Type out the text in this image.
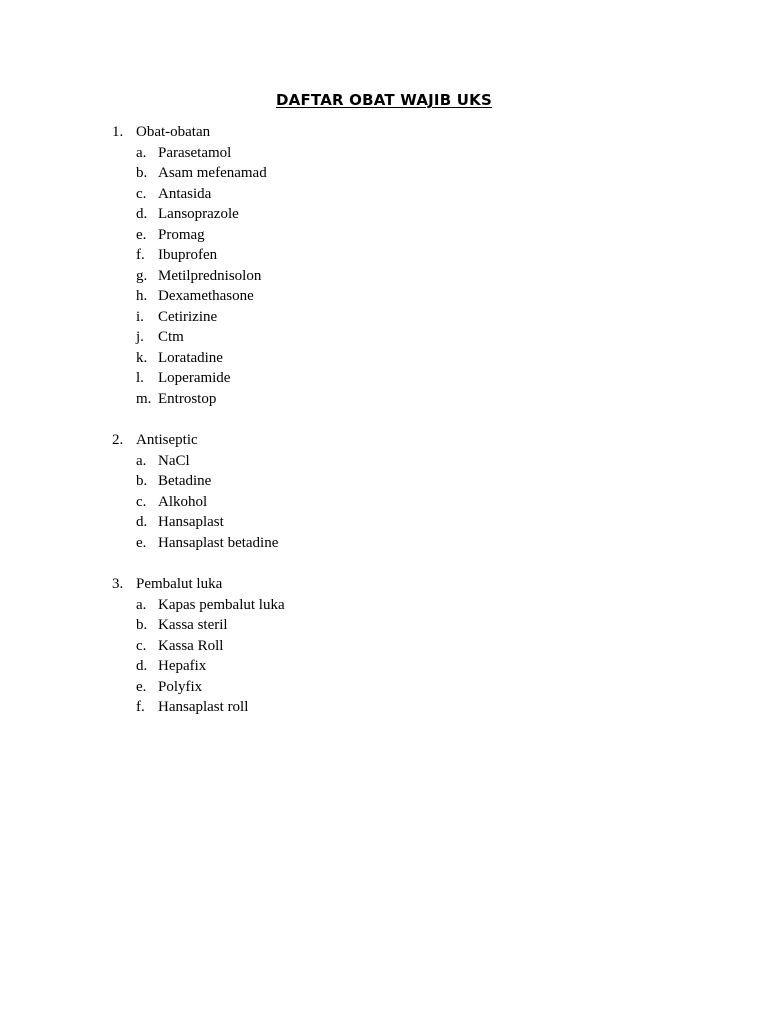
DAFTAR OBAT WAJIB UKS
1. Obat-obatan
a. Parasetamol
b. Asam mefenamad
c. Antasida
d. Lansoprazole
e. Promag
f. Ibuprofen
g. Metilprednisolon
h. Dexamethasone
i. Cetirizine
j. Ctm
k. Loratadine
l. Loperamide
m. Entrostop
2. Antiseptic
a. NaCl
b. Betadine
c. Alkohol
d. Hansaplast
e. Hansaplast betadine
3. Pembalut luka
a. Kapas pembalut luka
b. Kassa steril
c. Kassa Roll
d. Hepafix
e. Polyfix
f. Hansaplast roll
